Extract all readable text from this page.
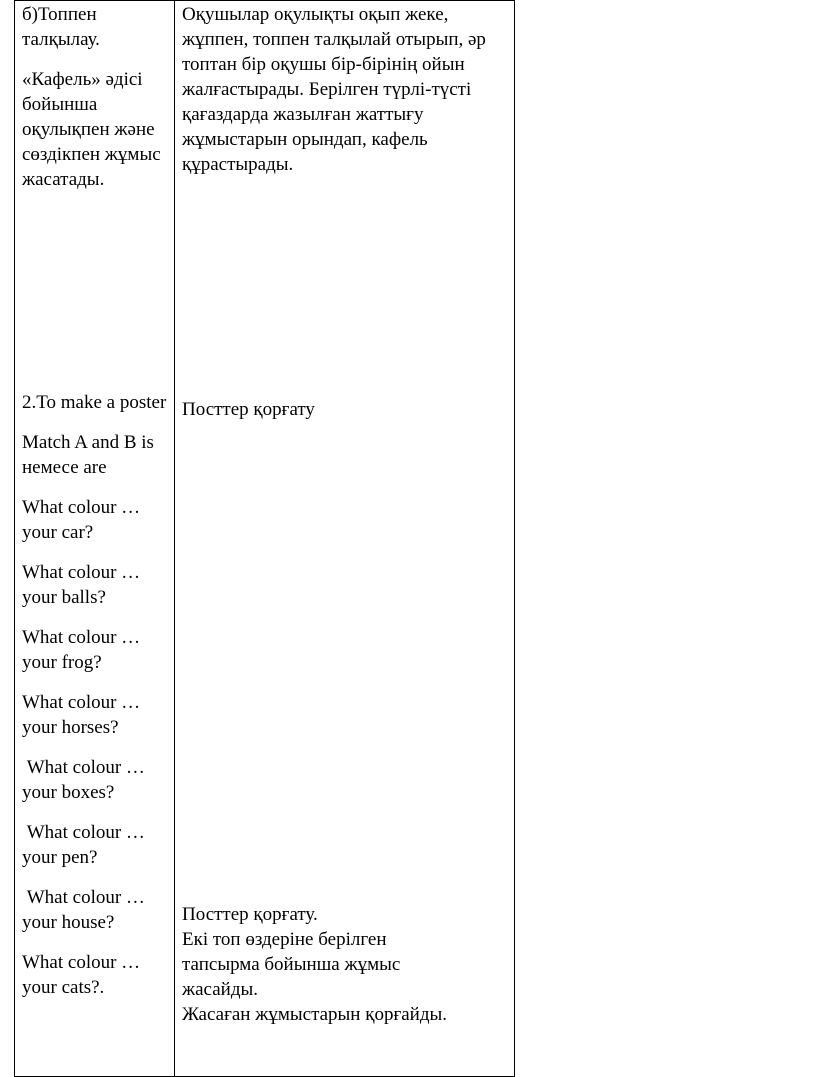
б)Топпен талқылау.

«Кафель» әдісі бойынша оқулықпен және сөздікпен жұмыс жасатады.

Оқушылар оқулықты оқып жеке, жұппен, топпен талқылай отырып, әр топтан бір оқушы бір-бірінің ойын жалғастырады. Берілген түрлі-түсті қағаздарда жазылған жаттығу жұмыстарын орындап, кафель құрастырады.

2.To make a poster

Match A and B is немесе are

What colour … your car?

What colour … your balls?

What colour … your frog?

What colour … your horses?

What colour … your boxes?

What colour … your pen?

What colour … your house?

What colour … your cats?.

Посттер қорғату

Посттер қорғату.

Екі топ өздеріне берілген тапсырма бойынша жұмыс жасайды.

Жасаған жұмыстарын қорғайды.
